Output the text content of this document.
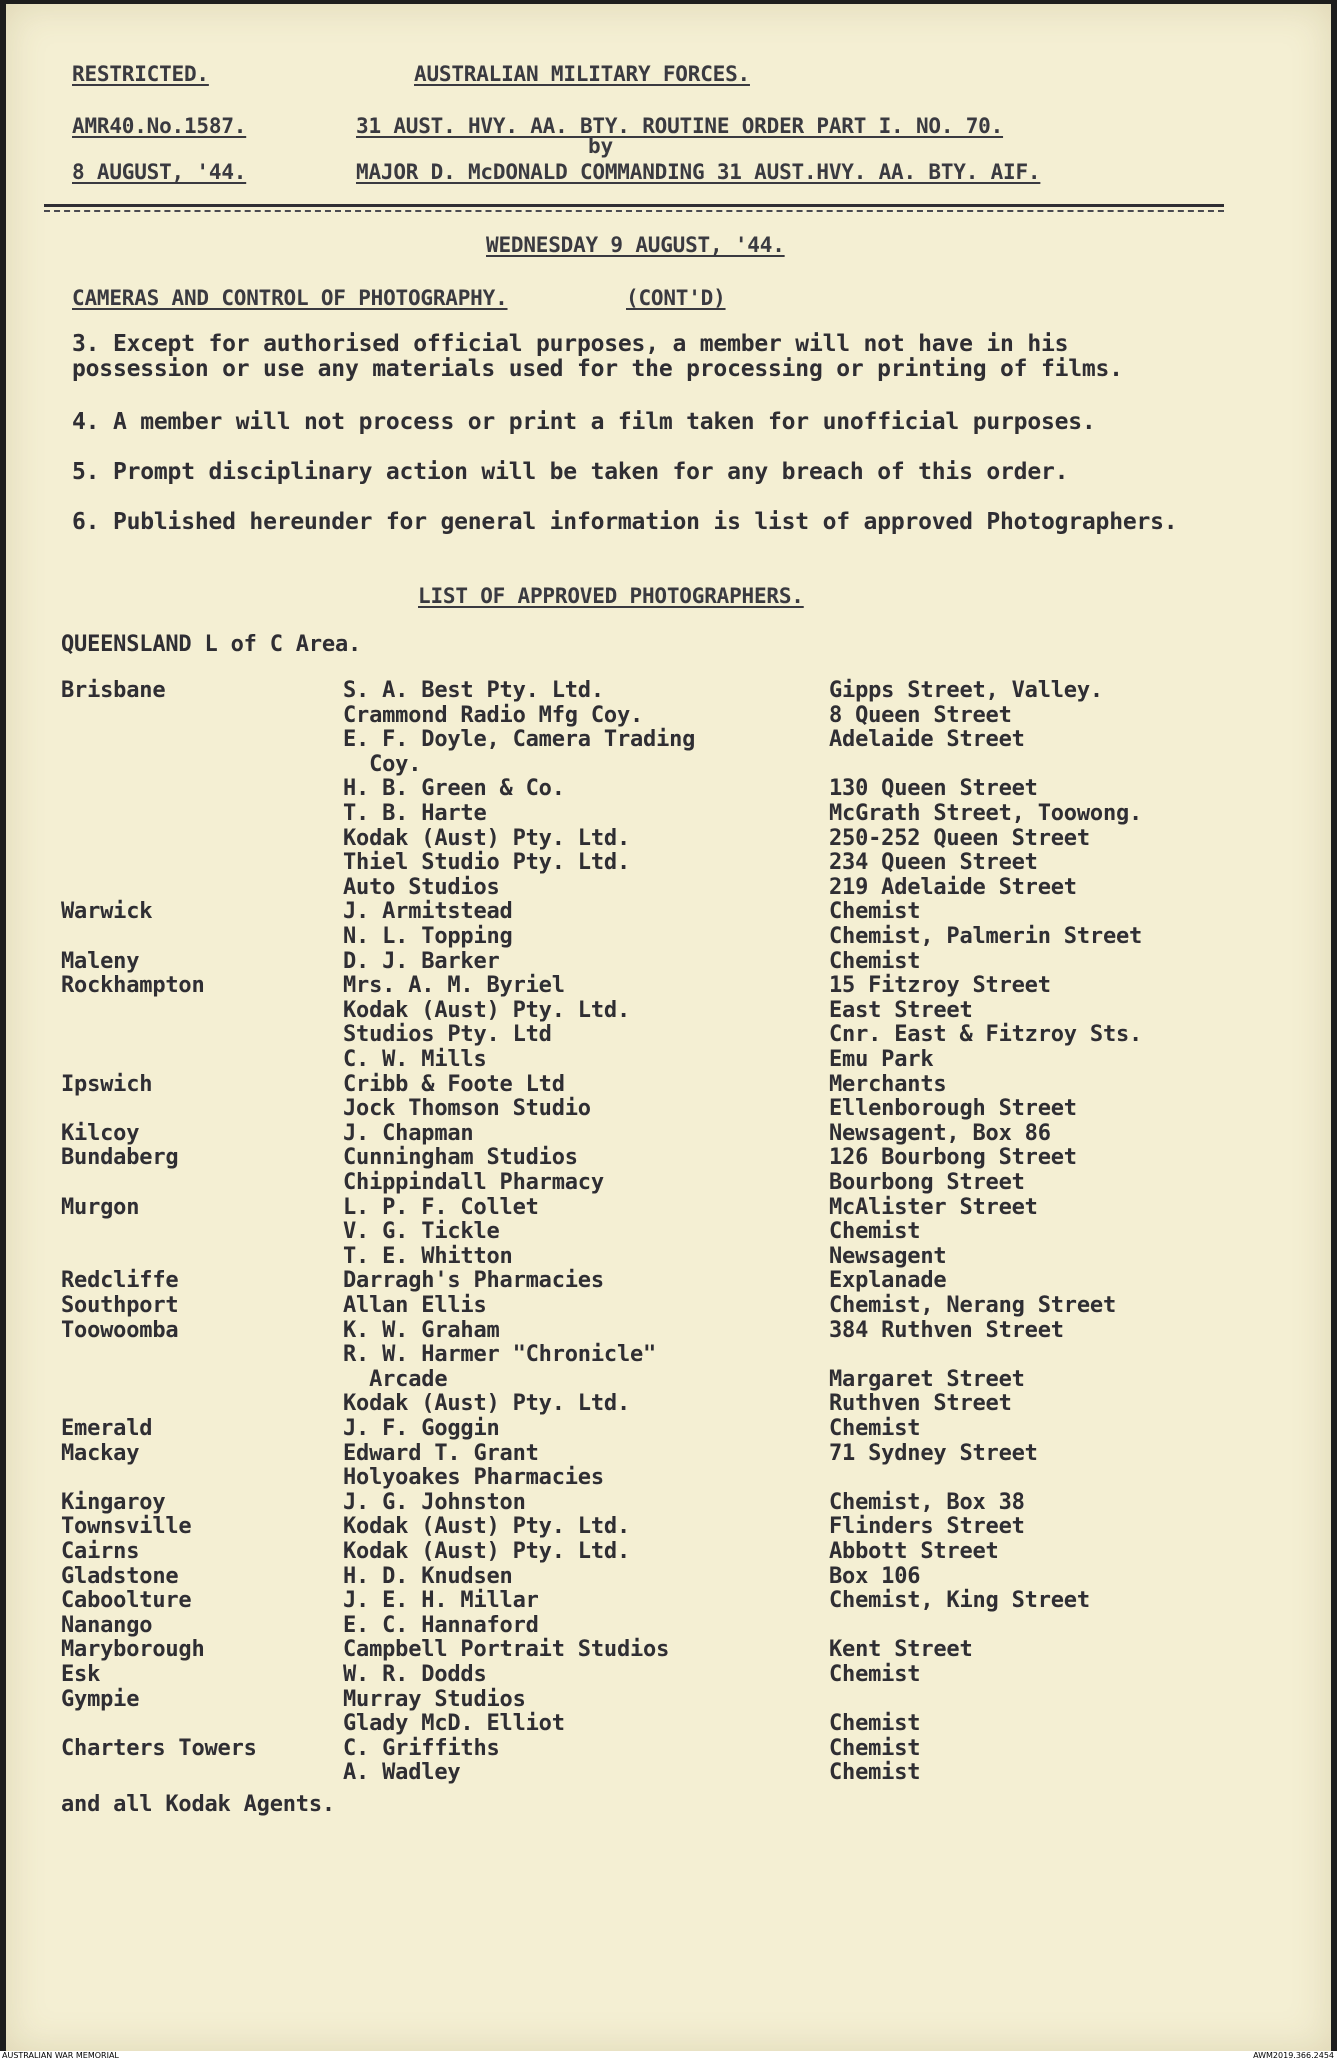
RESTRICTED.	AUSTRALIAN MILITARY FORCES.
AMR40.No.1587.	31 AUST. HVY. AA. BTY. ROUTINE ORDER PART I. NO. 70.
by
8 AUGUST, '44.	MAJOR D. McDONALD COMMANDING 31 AUST.HVY. AA. BTY. AIF.
WEDNESDAY 9 AUGUST, '44.
CAMERAS AND CONTROL OF PHOTOGRAPHY.	(CONT'D)
3. Except for authorised official purposes, a member will not have in his possession or use any materials used for the processing or printing of films.
4. A member will not process or print a film taken for unofficial purposes.
5. Prompt disciplinary action will be taken for any breach of this order.
6. Published hereunder for general information is list of approved Photographers.
LIST OF APPROVED PHOTOGRAPHERS.
QUEENSLAND L of C Area.
Brisbane	S. A. Best Pty. Ltd.	Gipps Street, Valley.
Crammond Radio Mfg Coy.	8 Queen Street
E. F. Doyle, Camera Trading	Adelaide Street
Coy.
H. B. Green & Co.	130 Queen Street
T. B. Harte	McGrath Street, Toowong.
Kodak (Aust) Pty. Ltd.	250-252 Queen Street
Thiel Studio Pty. Ltd.	234 Queen Street
Auto Studios	219 Adelaide Street
Warwick	J. Armitstead	Chemist
N. L. Topping	Chemist, Palmerin Street
Maleny	D. J. Barker	Chemist
Rockhampton	Mrs. A. M. Byriel	15 Fitzroy Street
Kodak (Aust) Pty. Ltd.	East Street
Studios Pty. Ltd	Cnr. East & Fitzroy Sts.
C. W. Mills	Emu Park
Ipswich	Cribb & Foote Ltd	Merchants
Jock Thomson Studio	Ellenborough Street
Kilcoy	J. Chapman	Newsagent, Box 86
Bundaberg	Cunningham Studios	126 Bourbong Street
Chippindall Pharmacy	Bourbong Street
Murgon	L. P. F. Collet	McAlister Street
V. G. Tickle	Chemist
T. E. Whitton	Newsagent
Redcliffe	Darragh's Pharmacies	Explanade
Southport	Allan Ellis	Chemist, Nerang Street
Toowoomba	K. W. Graham	384 Ruthven Street
R. W. Harmer "Chronicle"
Arcade	Margaret Street
Kodak (Aust) Pty. Ltd.	Ruthven Street
Emerald	J. F. Goggin	Chemist
Mackay	Edward T. Grant	71 Sydney Street
Holyoakes Pharmacies
Kingaroy	J. G. Johnston	Chemist, Box 38
Townsville	Kodak (Aust) Pty. Ltd.	Flinders Street
Cairns	Kodak (Aust) Pty. Ltd.	Abbott Street
Gladstone	H. D. Knudsen	Box 106
Caboolture	J. E. H. Millar	Chemist, King Street
Nanango	E. C. Hannaford
Maryborough	Campbell Portrait Studios	Kent Street
Esk	W. R. Dodds	Chemist
Gympie	Murray Studios
Glady McD. Elliot	Chemist
Charters Towers	C. Griffiths	Chemist
A. Wadley	Chemist
and all Kodak Agents.
AUSTRALIAN WAR MEMORIAL	AWM2019.366.2454
